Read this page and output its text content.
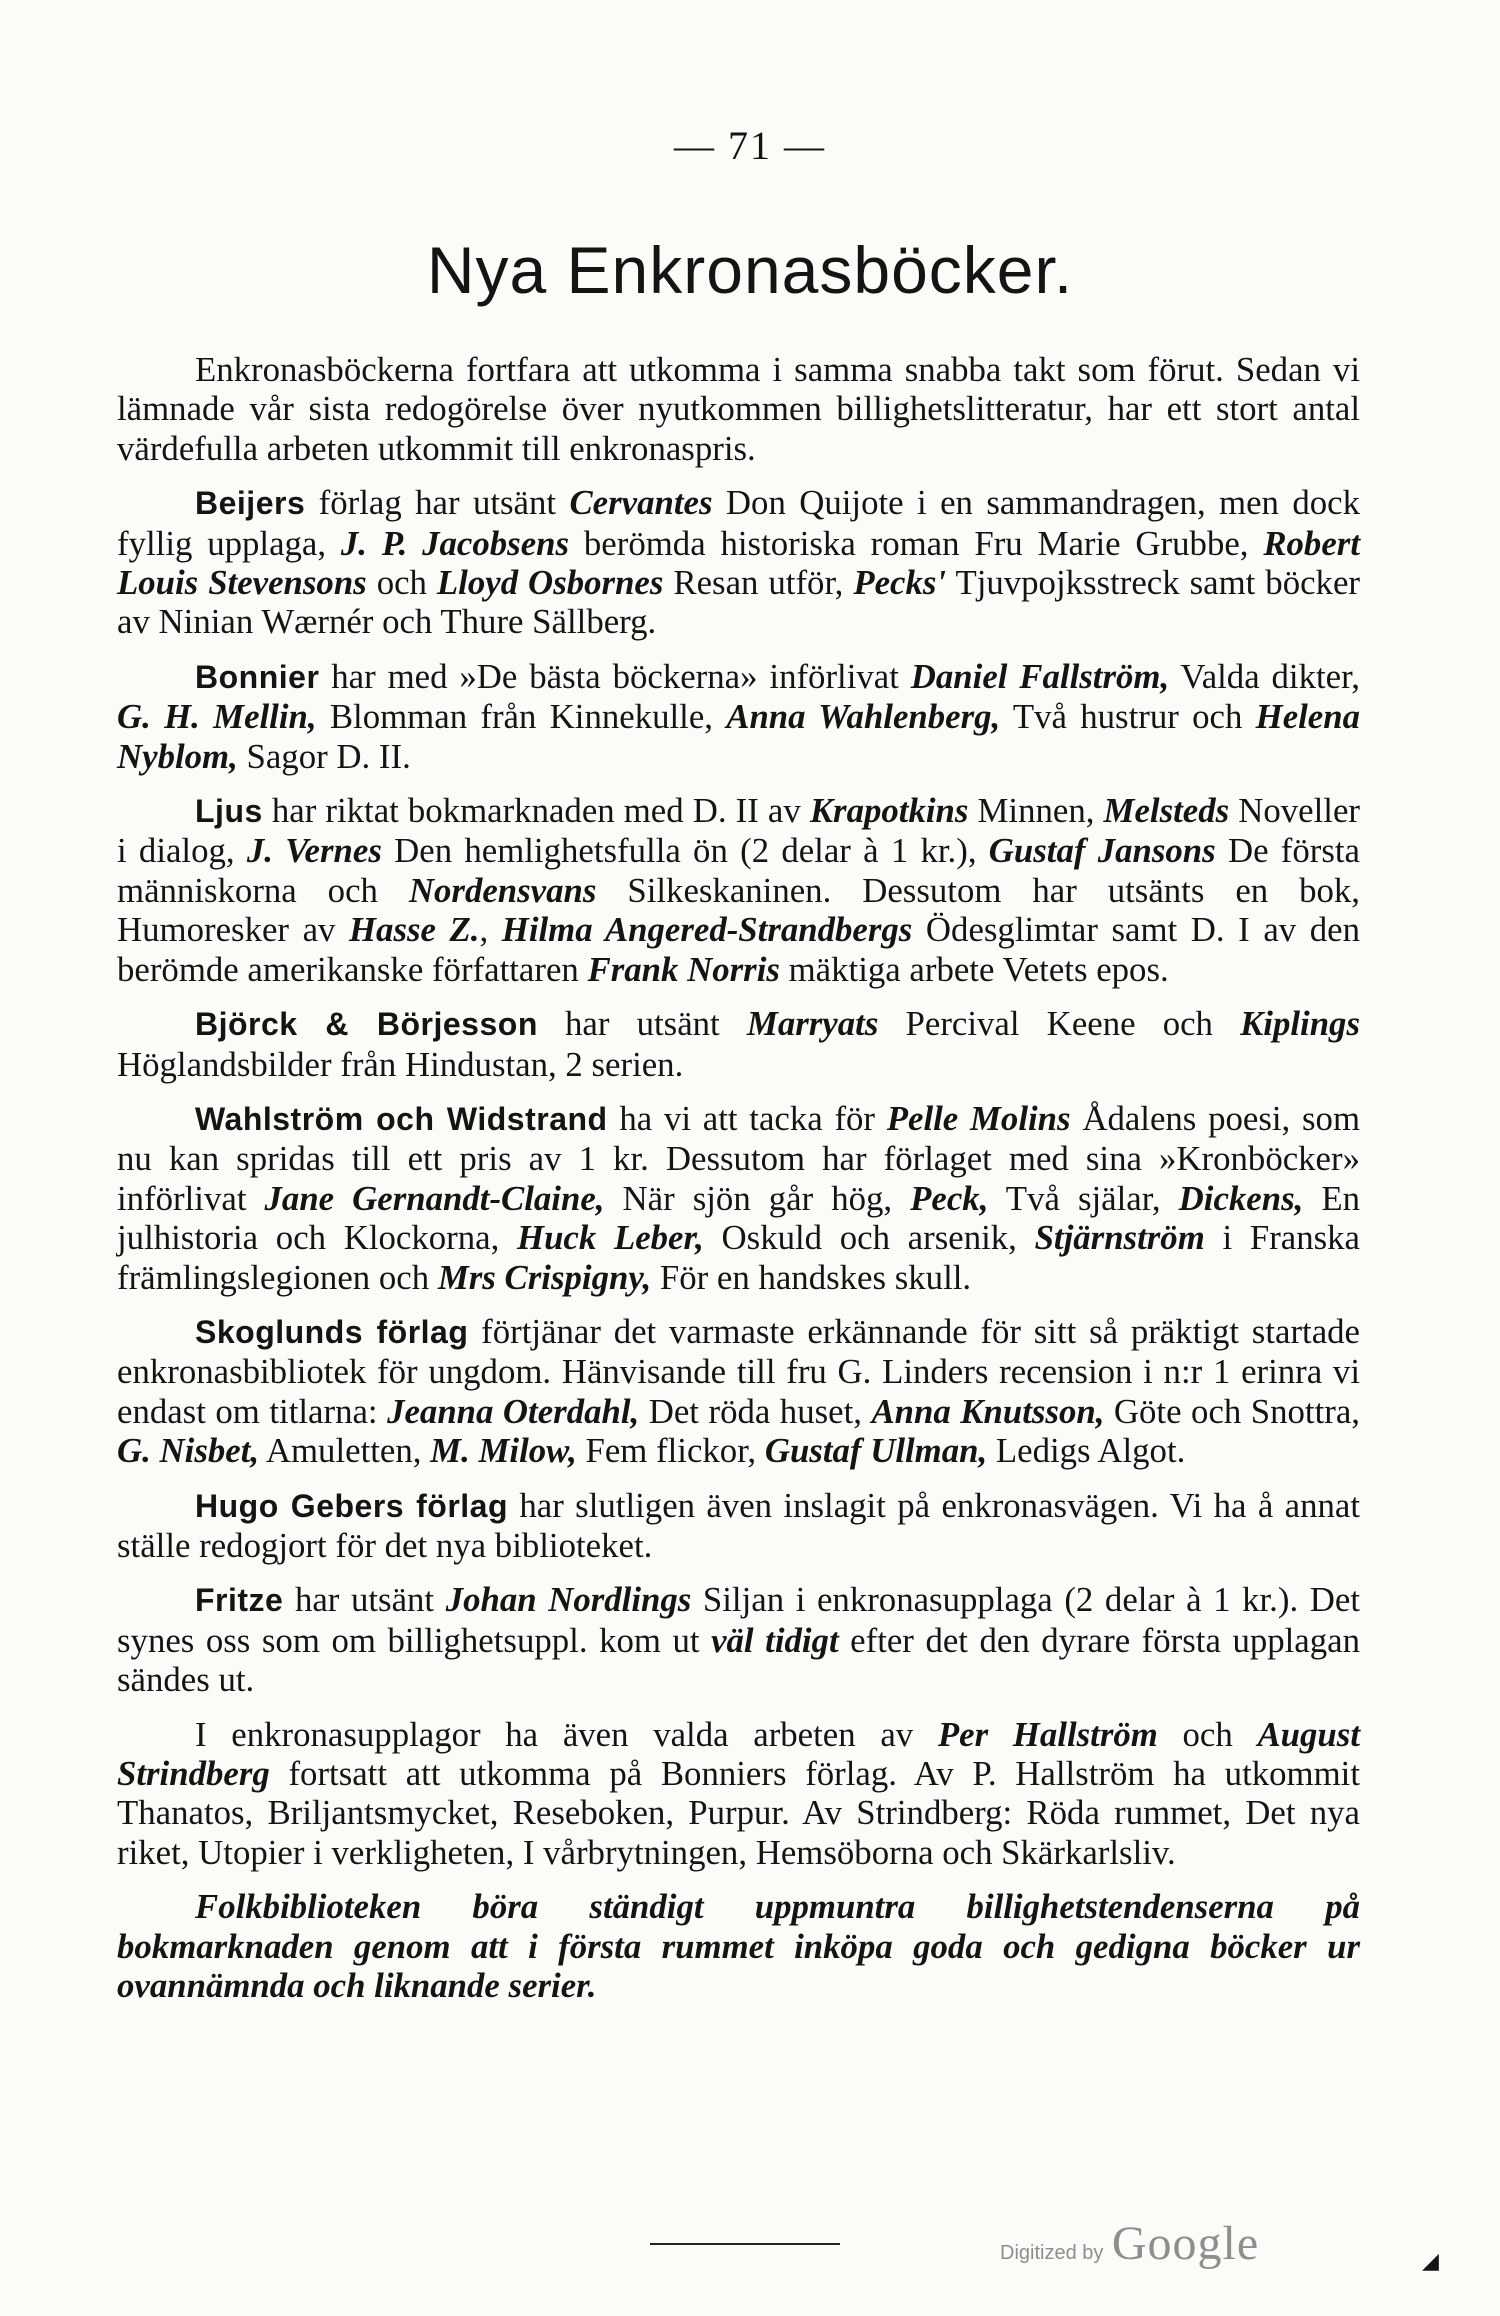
— 71 —
Nya Enkronasböcker.

Enkronasböckerna fortfara att utkomma i samma snabba takt som förut. Sedan vi lämnade vår sista redogörelse över nyutkommen billighetslitteratur, har ett stort antal värdefulla arbeten utkommit till enkronaspris.

Beijers förlag har utsänt Cervantes Don Quijote i en sammandragen, men dock fyllig upplaga, J. P. Jacobsens berömda historiska roman Fru Marie Grubbe, Robert Louis Stevensons och Lloyd Osbornes Resan utför, Pecks' Tjuvpojksstreck samt böcker av Ninian Wærnér och Thure Sällberg.

Bonnier har med »De bästa böckerna» införlivat Daniel Fallström, Valda dikter, G. H. Mellin, Blomman från Kinnekulle, Anna Wahlenberg, Två hustrur och Helena Nyblom, Sagor D. II.

Ljus har riktat bokmarknaden med D. II av Krapotkins Minnen, Melsteds Noveller i dialog, J. Vernes Den hemlighetsfulla ön (2 delar à 1 kr.), Gustaf Jansons De första människorna och Nordensvans Silkeskaninen. Dessutom har utsänts en bok, Humoresker av Hasse Z., Hilma Angered-Strandbergs Ödesglimtar samt D. I av den berömde amerikanske författaren Frank Norris mäktiga arbete Vetets epos.

Björck & Börjesson har utsänt Marryats Percival Keene och Kiplings Höglandsbilder från Hindustan, 2 serien.

Wahlström och Widstrand ha vi att tacka för Pelle Molins Ådalens poesi, som nu kan spridas till ett pris av 1 kr. Dessutom har förlaget med sina »Kronböcker» införlivat Jane Gernandt-Claine, När sjön går hög, Peck, Två själar, Dickens, En julhistoria och Klockorna, Huck Leber, Oskuld och arsenik, Stjärnström i Franska främlingslegionen och Mrs Crispigny, För en handskes skull.

Skoglunds förlag förtjänar det varmaste erkännande för sitt så präktigt startade enkronasbibliotek för ungdom. Hänvisande till fru G. Linders recension i n:r 1 erinra vi endast om titlarna: Jeanna Oterdahl, Det röda huset, Anna Knutsson, Göte och Snottra, G. Nisbet, Amuletten, M. Milow, Fem flickor, Gustaf Ullman, Ledigs Algot.

Hugo Gebers förlag har slutligen även inslagit på enkronasvägen. Vi ha å annat ställe redogjort för det nya biblioteket.

Fritze har utsänt Johan Nordlings Siljan i enkronasupplaga (2 delar à 1 kr.). Det synes oss som om billighetsuppl. kom ut väl tidigt efter det den dyrare första upplagan sändes ut.

I enkronasupplagor ha även valda arbeten av Per Hallström och August Strindberg fortsatt att utkomma på Bonniers förlag. Av P. Hallström ha utkommit Thanatos, Briljantsmycket, Reseboken, Purpur. Av Strindberg: Röda rummet, Det nya riket, Utopier i verkligheten, I vårbrytningen, Hemsöborna och Skärkarlsliv.

Folkbiblioteken böra ständigt uppmuntra billighetstendenserna på bokmarknaden genom att i första rummet inköpa goda och gedigna böcker ur ovannämnda och liknande serier.

Digitized by Google	◢
